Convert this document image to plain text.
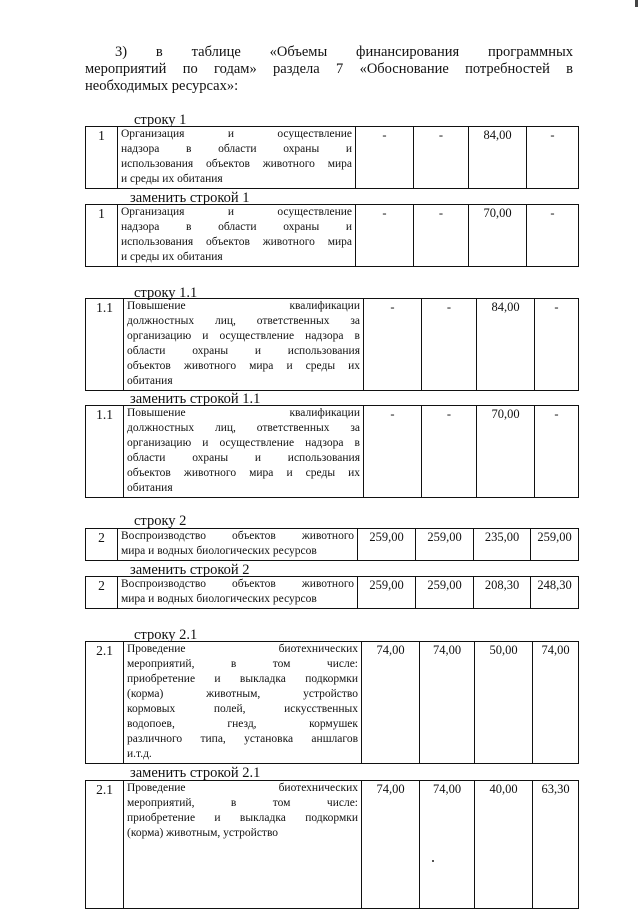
3) в таблице «Объемы финансирования программных
мероприятий по годам» раздела 7 «Обоснование потребностей в
необходимых ресурсах»:
строку 1
1	Организация и осуществление
надзора в области охраны и
использования объектов животного мира
и среды их обитания
	-	-	84,00	-
заменить строкой 1
1	Организация и осуществление
надзора в области охраны и
использования объектов животного мира
и среды их обитания
	-	-	70,00	-
строку 1.1
1.1	Повышение квалификации
должностных лиц, ответственных за
организацию и осуществление надзора в
области охраны и использования
объектов животного мира и среды их
обитания
	-	-	84,00	-
заменить строкой 1.1
1.1	Повышение квалификации
должностных лиц, ответственных за
организацию и осуществление надзора в
области охраны и использования
объектов животного мира и среды их
обитания
	-	-	70,00	-
строку 2
2	Воспроизводство объектов животного
мира и водных биологических ресурсов
	259,00	259,00	235,00	259,00
заменить строкой 2
2	Воспроизводство объектов животного
мира и водных биологических ресурсов
	259,00	259,00	208,30	248,30
строку 2.1
2.1	Проведение биотехнических
мероприятий, в том числе:
приобретение и выкладка подкормки
(корма) животным, устройство
кормовых полей, искусственных
водопоев, гнезд, кормушек
различного типа, установка аншлагов
и.т.д.
	74,00	74,00	50,00	74,00
заменить строкой 2.1
2.1	Проведение биотехнических
мероприятий, в том числе:
приобретение и выкладка подкормки
(корма) животным, устройство
	74,00	74,00	40,00	63,30
